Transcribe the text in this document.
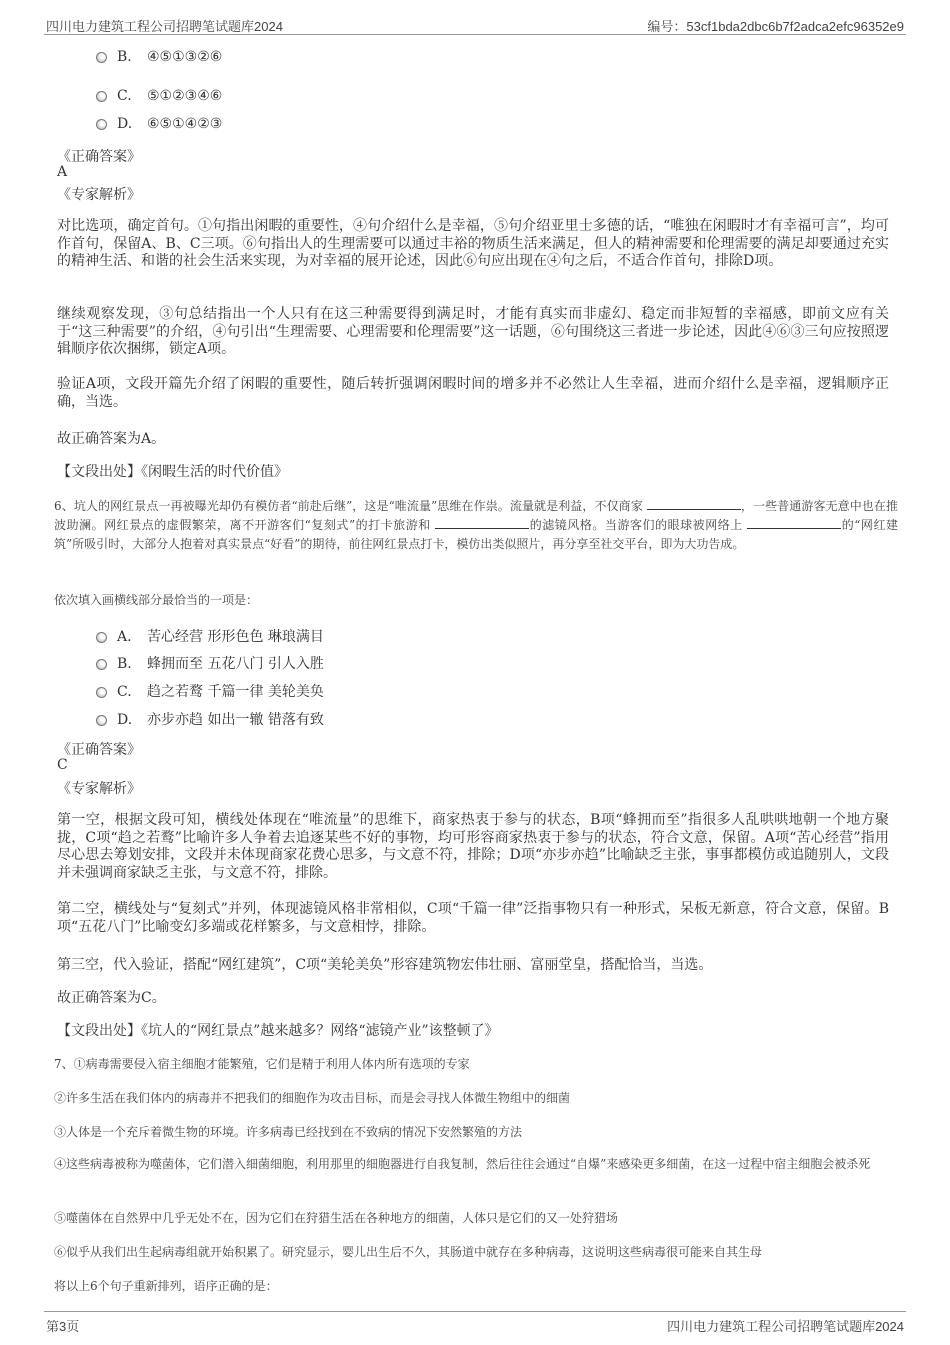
四川电力建筑工程公司招聘笔试题库2024	编号：53cf1bda2dbc6b7f2adca2efc96352e9
B. ④⑤①③②⑥
C. ⑤①②③④⑥
D. ⑥⑤①④②③
《正确答案》
A
《专家解析》
对比选项，确定首句。①句指出闲暇的重要性，④句介绍什么是幸福，⑤句介绍亚里士多德的话，“唯独在闲暇时才有幸福可言”，均可作首句，保留A、B、C三项。⑥句指出人的生理需要可以通过丰裕的物质生活来满足，但人的精神需要和伦理需要的满足却要通过充实的精神生活、和谐的社会生活来实现，为对幸福的展开论述，因此⑥句应出现在④句之后，不适合作首句，排除D项。
继续观察发现，③句总结指出一个人只有在这三种需要得到满足时，才能有真实而非虚幻、稳定而非短暂的幸福感，即前文应有关于“这三种需要”的介绍，④句引出“生理需要、心理需要和伦理需要”这一话题，⑥句围绕这三者进一步论述，因此④⑥③三句应按照逻辑顺序依次捆绑，锁定A项。
验证A项，文段开篇先介绍了闲暇的重要性，随后转折强调闲暇时间的增多并不必然让人生幸福，进而介绍什么是幸福，逻辑顺序正确，当选。
故正确答案为A。
【文段出处】《闲暇生活的时代价值》
6、坑人的网红景点一再被曝光却仍有模仿者“前赴后继”，这是“唯流量”思维在作祟。流量就是利益，不仅商家	，一些普通游客无意中也在推波助澜。网红景点的虚假繁荣，离不开游客们“复刻式”的打卡旅游和	的滤镜风格。当游客们的眼球被网络上	的“网红建筑”所吸引时，大部分人抱着对真实景点“好看”的期待，前往网红景点打卡，模仿出类似照片，再分享至社交平台，即为大功告成。
依次填入画横线部分最恰当的一项是：
A. 苦心经营 形形色色 琳琅满目
B. 蜂拥而至 五花八门 引人入胜
C. 趋之若鹜 千篇一律 美轮美奂
D. 亦步亦趋 如出一辙 错落有致
《正确答案》
C
《专家解析》
第一空，根据文段可知，横线处体现在“唯流量”的思维下，商家热衷于参与的状态，B项“蜂拥而至”指很多人乱哄哄地朝一个地方聚拢，C项“趋之若鹜”比喻许多人争着去追逐某些不好的事物，均可形容商家热衷于参与的状态，符合文意，保留。A项“苦心经营”指用尽心思去筹划安排，文段并未体现商家花费心思多，与文意不符，排除；D项“亦步亦趋”比喻缺乏主张，事事都模仿或追随别人，文段并未强调商家缺乏主张，与文意不符，排除。
第二空，横线处与“复刻式”并列，体现滤镜风格非常相似，C项“千篇一律”泛指事物只有一种形式，呆板无新意，符合文意，保留。B项“五花八门”比喻变幻多端或花样繁多，与文意相悖，排除。
第三空，代入验证，搭配“网红建筑”，C项“美轮美奂”形容建筑物宏伟壮丽、富丽堂皇，搭配恰当，当选。
故正确答案为C。
【文段出处】《坑人的“网红景点”越来越多？网络“滤镜产业”该整顿了》
7、①病毒需要侵入宿主细胞才能繁殖，它们是精于利用人体内所有选项的专家
②许多生活在我们体内的病毒并不把我们的细胞作为攻击目标，而是会寻找人体微生物组中的细菌
③人体是一个充斥着微生物的环境。许多病毒已经找到在不致病的情况下安然繁殖的方法
④这些病毒被称为噬菌体，它们潜入细菌细胞，利用那里的细胞器进行自我复制，然后往往会通过“自爆”来感染更多细菌，在这一过程中宿主细胞会被杀死
⑤噬菌体在自然界中几乎无处不在，因为它们在狩猎生活在各种地方的细菌，人体只是它们的又一处狩猎场
⑥似乎从我们出生起病毒组就开始积累了。研究显示，婴儿出生后不久，其肠道中就存在多种病毒，这说明这些病毒很可能来自其生母
将以上6个句子重新排列，语序正确的是：
第3页	四川电力建筑工程公司招聘笔试题库2024
